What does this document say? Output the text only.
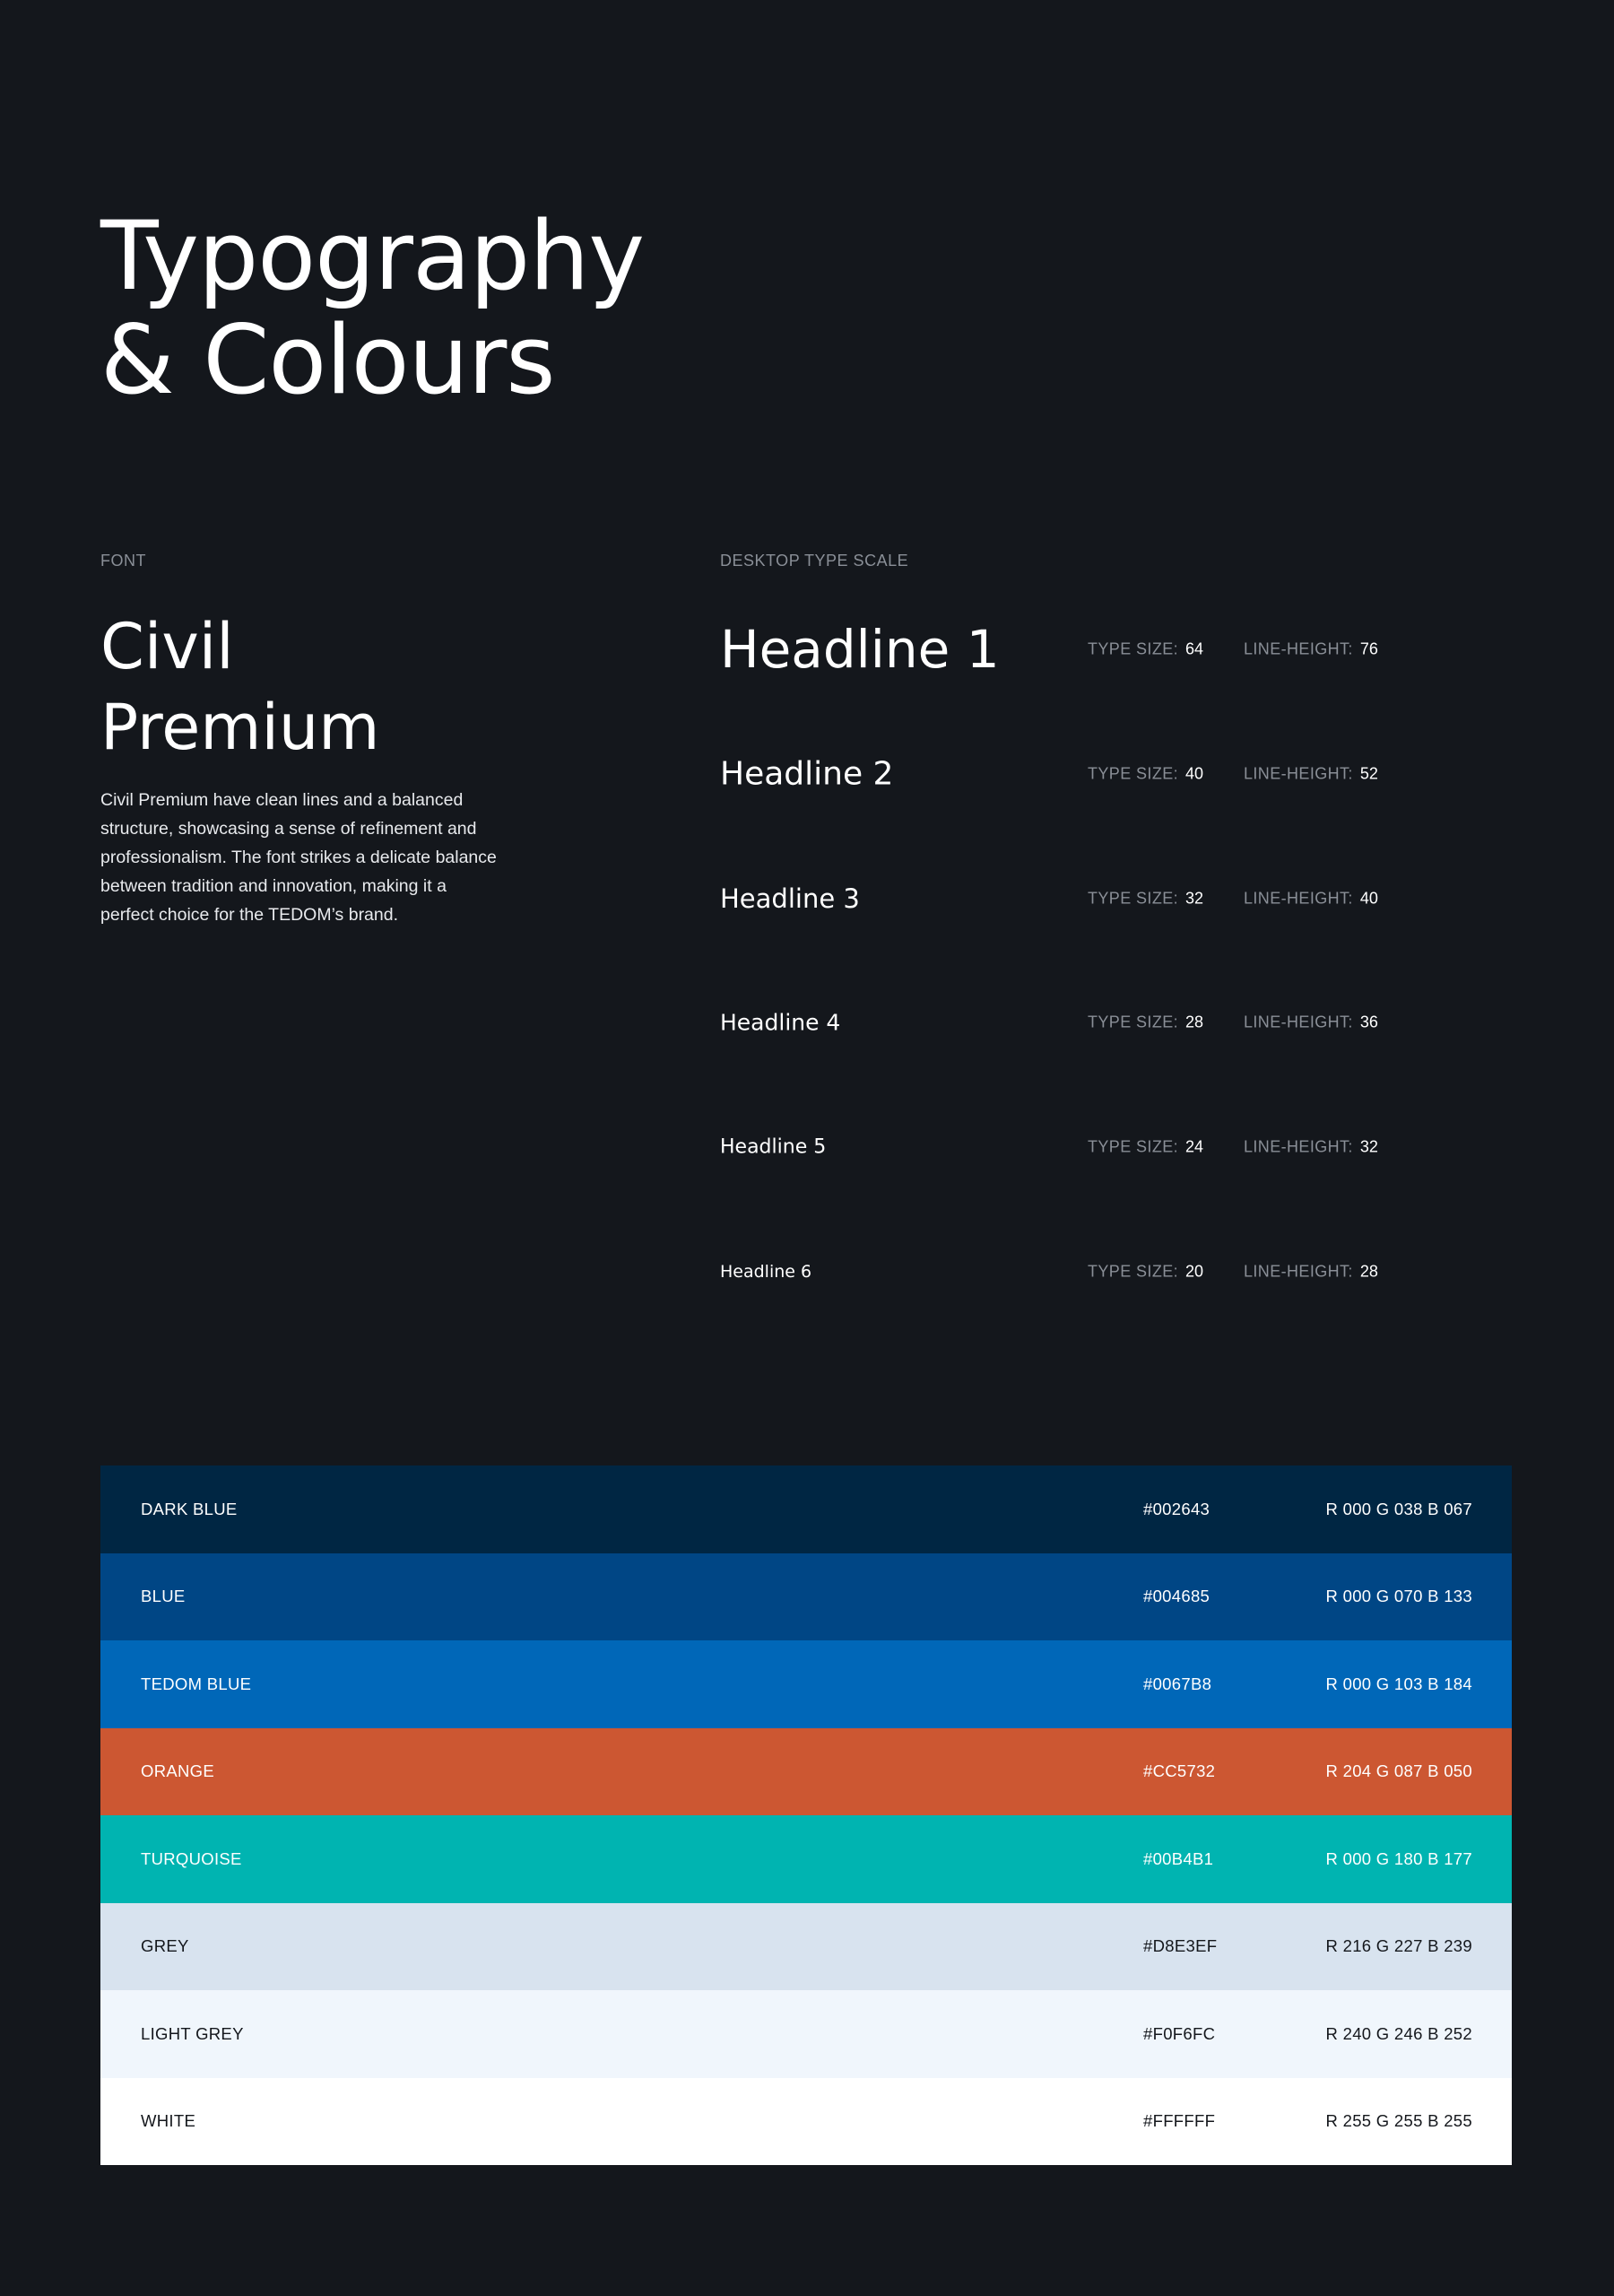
Typography
& Colours
FONT	DESKTOP TYPE SCALE
Civil
Premium

Civil Premium have clean lines and a balanced structure, showcasing a sense of refinement and professionalism. The font strikes a delicate balance between tradition and innovation, making it a perfect choice for the TEDOM’s brand.

Headline 1	TYPE SIZE: 64 LINE-HEIGHT: 76
Headline 2	TYPE SIZE: 40 LINE-HEIGHT: 52
Headline 3	TYPE SIZE: 32 LINE-HEIGHT: 40
Headline 4	TYPE SIZE: 28 LINE-HEIGHT: 36
Headline 5	TYPE SIZE: 24 LINE-HEIGHT: 32
Headline 6	TYPE SIZE: 20 LINE-HEIGHT: 28
DARK BLUE	#002643	R 000 G 038 B 067
BLUE	#004685	R 000 G 070 B 133
TEDOM BLUE	#0067B8	R 000 G 103 B 184
ORANGE	#CC5732	R 204 G 087 B 050
TURQUOISE	#00B4B1	R 000 G 180 B 177
GREY	#D8E3EF	R 216 G 227 B 239
LIGHT GREY	#F0F6FC	R 240 G 246 B 252
WHITE	#FFFFFF	R 255 G 255 B 255
